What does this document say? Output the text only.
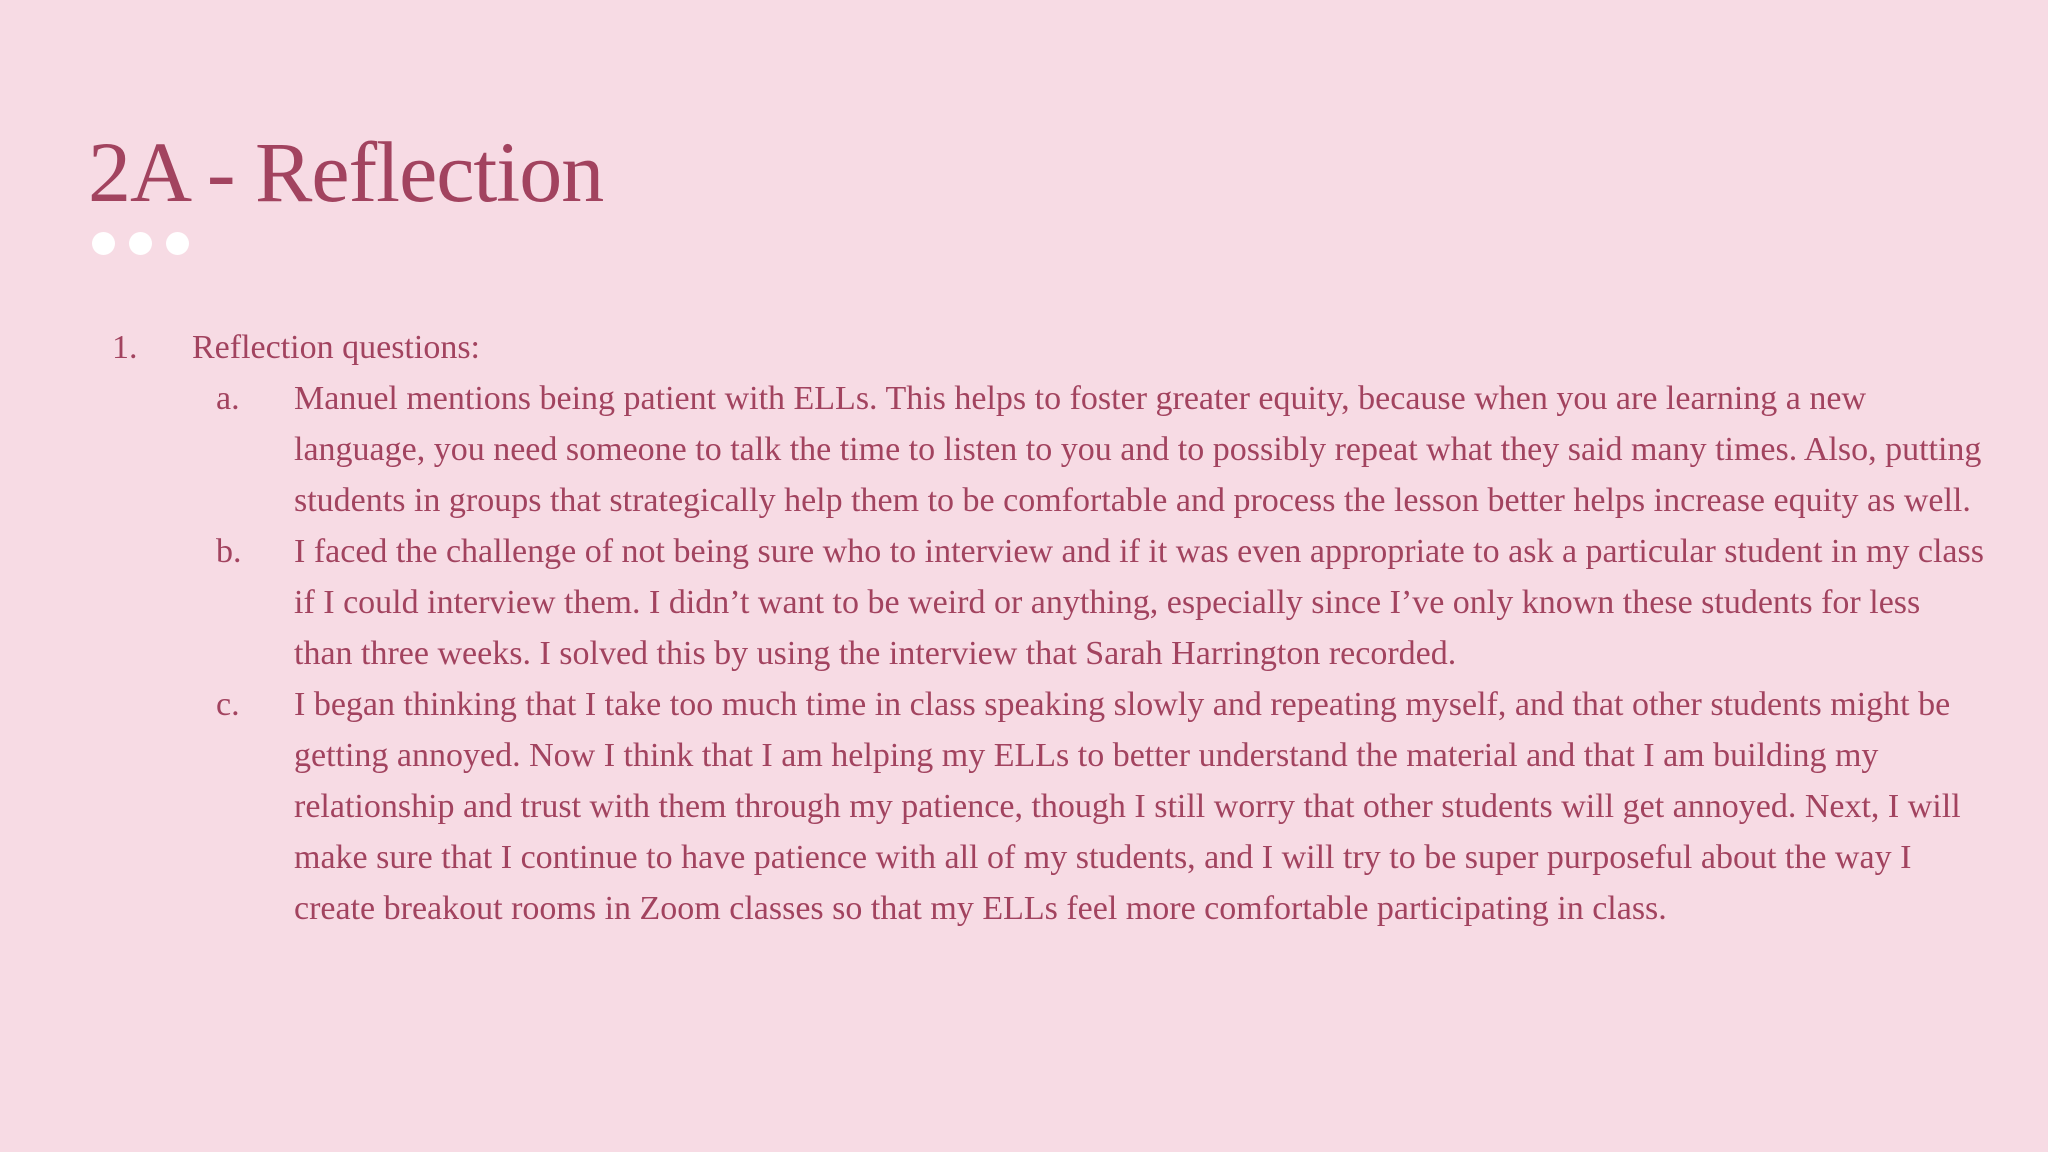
2A - Reflection
1. Reflection questions:
a. Manuel mentions being patient with ELLs. This helps to foster greater equity, because when you are learning a new language, you need someone to talk the time to listen to you and to possibly repeat what they said many times. Also, putting students in groups that strategically help them to be comfortable and process the lesson better helps increase equity as well.
b. I faced the challenge of not being sure who to interview and if it was even appropriate to ask a particular student in my class if I could interview them. I didn’t want to be weird or anything, especially since I’ve only known these students for less than three weeks. I solved this by using the interview that Sarah Harrington recorded.
c. I began thinking that I take too much time in class speaking slowly and repeating myself, and that other students might be getting annoyed. Now I think that I am helping my ELLs to better understand the material and that I am building my relationship and trust with them through my patience, though I still worry that other students will get annoyed. Next, I will make sure that I continue to have patience with all of my students, and I will try to be super purposeful about the way I create breakout rooms in Zoom classes so that my ELLs feel more comfortable participating in class.
